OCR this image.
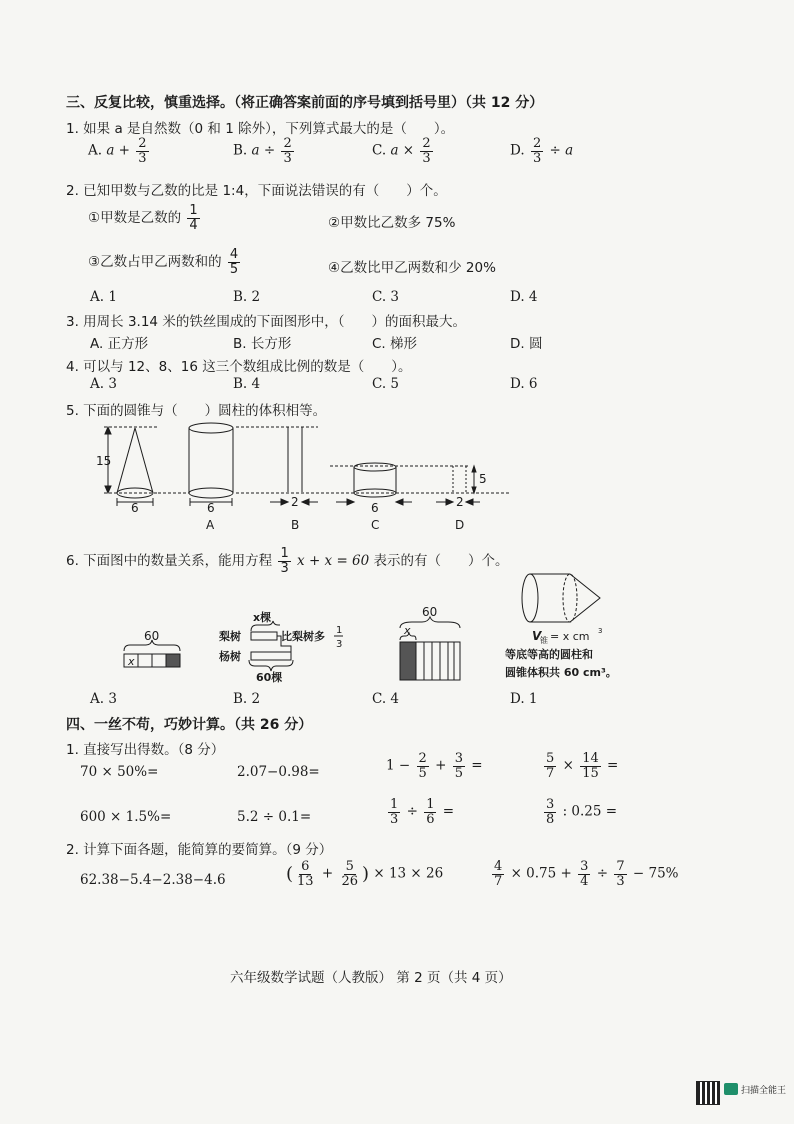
三、反复比较，慎重选择。（将正确答案前面的序号填到括号里）（共 12 分）
1. 如果 a 是自然数（0 和 1 除外），下列算式最大的是（　　）。
A. $a + \frac{2}{3}$	B. $a \div \frac{2}{3}$	C. $a \times \frac{2}{3}$	D. $\frac{2}{3} \div a$
2. 已知甲数与乙数的比是 1:4，下面说法错误的有（　　）个。
①甲数是乙数的 $\frac{1}{4}$	②甲数比乙数多 75%
③乙数占甲乙两数和的 $\frac{4}{5}$	④乙数比甲乙两数和少 20%
A. 1	B. 2	C. 3	D. 4
3. 用周长 3.14 米的铁丝围成的下面图形中，（　　）的面积最大。
A. 正方形	B. 长方形	C. 梯形	D. 圆
4. 可以与 12、8、16 这三个数组成比例的数是（　　）。
A. 3	B. 4	C. 5	D. 6
5. 下面的圆锥与（　　）圆柱的体积相等。
15
6	6	2	6	2
5
A	B	C	D
6. 下面图中的数量关系，能用方程 $\frac{1}{3}$ x + x = 60 表示的有（　　）个。
60
x
x棵
梨树
杨树
比梨树多 1
3
60棵
60
x	V
锥 = x cm 3
等底等高的圆柱和
圆锥体积共 60 cm³。
A. 3	B. 2	C. 4	D. 1
四、一丝不苟，巧妙计算。（共 26 分）
1. 直接写出得数。（8 分）
70 × 50%=	2.07−0.98=	$1 - \frac{2}{5} + \frac{3}{5}$ =	$\frac{5}{7} \times \frac{14}{15}$ =
600 × 1.5%=	5.2 ÷ 0.1=	$\frac{1}{3} \div \frac{1}{6}$ =	$\frac{3}{8}$ : 0.25 =
2. 计算下面各题，能简算的要简算。（9 分）
62.38−5.4−2.38−4.6	( $\frac{6}{13} + \frac{5}{26}$ ) × 13 × 26	$\frac{4}{7} \times 0.75 + \frac{3}{4} \div \frac{7}{3} - 75\%$
六年级数学试题（人教版） 第 2 页（共 4 页）
扫描全能王
